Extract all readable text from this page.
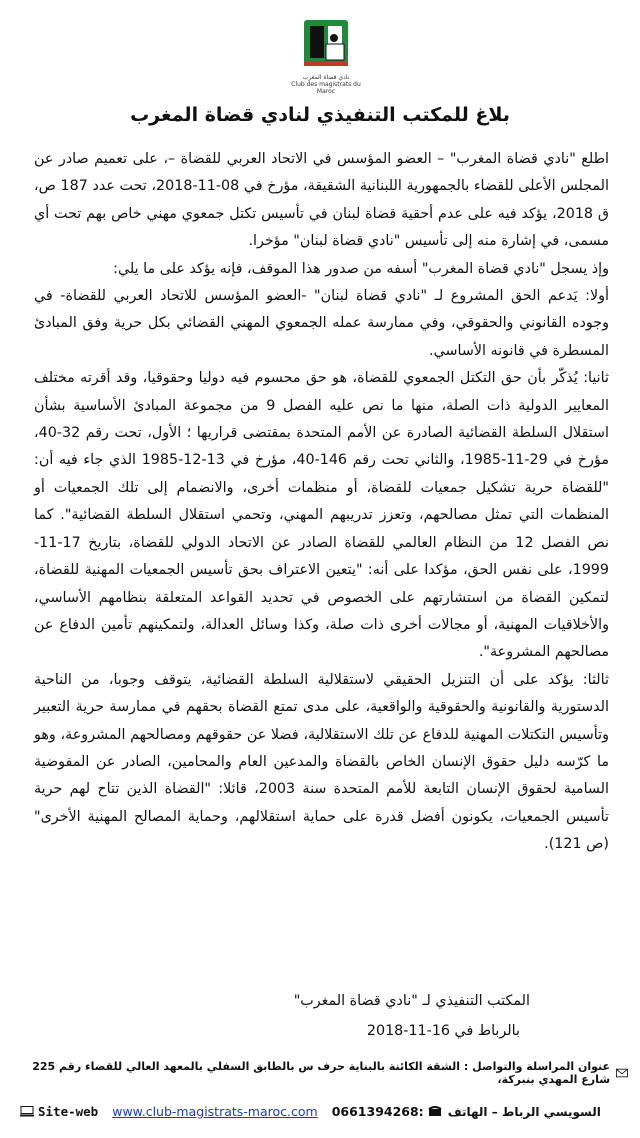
نادي قضاة المغرب
Club des magistrats du Maroc
بلاغ للمكتب التنفيذي لنادي قضاة المغرب

اطلع "نادي قضاة المغرب" – العضو المؤسس في الاتحاد العربي للقضاة –، على تعميم صادر عن المجلس الأعلى للقضاء بالجمهورية اللبنانية الشقيقة، مؤرخ في 08-11-2018، تحت عدد 187 ص، ق 2018، يؤكد فيه على عدم أحقية قضاة لبنان في تأسيس تكتل جمعوي مهني خاص بهم تحت أي مسمى، في إشارة منه إلى تأسيس "نادي قضاة لبنان" مؤخرا.

وإذ يسجل "نادي قضاة المغرب" أسفه من صدور هذا الموقف، فإنه يؤكد على ما يلي:

أولا: يَدعم الحق المشروع لـ "نادي قضاة لبنان" -العضو المؤسس للاتحاد العربي للقضاة- في وجوده القانوني والحقوقي، وفي ممارسة عمله الجمعوي المهني القضائي بكل حرية وفق المبادئ المسطرة في قانونه الأساسي.

ثانيا: يُذكّر بأن حق التكتل الجمعوي للقضاة، هو حق محسوم فيه دوليا وحقوقيا، وقد أقرته مختلف المعايير الدولية ذات الصلة، منها ما نص عليه الفصل 9 من مجموعة المبادئ الأساسية بشأن استقلال السلطة القضائية الصادرة عن الأمم المتحدة بمقتضى قراريها ؛ الأول، تحت رقم 32-40، مؤرخ في 29-11-1985، والثاني تحت رقم 146-40، مؤرخ في 13-12-1985 الذي جاء فيه أن: "للقضاة حرية تشكيل جمعيات للقضاة، أو منظمات أخرى، والانضمام إلى تلك الجمعيات أو المنظمات التي تمثل مصالحهم، وتعزز تدريبهم المهني، وتحمي استقلال السلطة القضائية". كما نص الفصل 12 من النظام العالمي للقضاة الصادر عن الاتحاد الدولي للقضاة، بتاريخ 17-11-1999، على نفس الحق، مؤكدا على أنه: "يتعين الاعتراف بحق تأسيس الجمعيات المهنية للقضاة، لتمكين القضاة من استشارتهم على الخصوص في تحديد القواعد المتعلقة بنظامهم الأساسي، والأخلاقيات المهنية، أو مجالات أخرى ذات صلة، وكذا وسائل العدالة، ولتمكينهم تأمين الدفاع عن مصالحهم المشروعة".

ثالثا: يؤكد على أن التنزيل الحقيقي لاستقلالية السلطة القضائية، يتوقف وجوبا، من الناحية الدستورية والقانونية والحقوقية والواقعية، على مدى تمتع القضاة بحقهم في ممارسة حرية التعبير وتأسيس التكتلات المهنية للدفاع عن تلك الاستقلالية، فضلا عن حقوقهم ومصالحهم المشروعة، وهو ما كرّسه دليل حقوق الإنسان الخاص بالقضاة والمدعين العام والمحامين، الصادر عن المفوضية السامية لحقوق الإنسان التابعة للأمم المتحدة سنة 2003، قائلا: "القضاة الذين تتاح لهم حرية تأسيس الجمعيات، يكونون أفضل قدرة على حماية استقلالهم، وحماية المصالح المهنية الأخرى" (ص 121).

المكتب التنفيذي لـ "نادي قضاة المغرب"
بالرباط في 16-11-2018
عنوان المراسلة والتواصل : الشقة الكائنة بالبناية حرف س بالطابق السفلي بالمعهد العالي للقضاء رقم 225 شارع المهدي بنبركة،
Site-web www.club-magistrats-maroc.com 0661394268: السويسي الرباط – الهاتف
